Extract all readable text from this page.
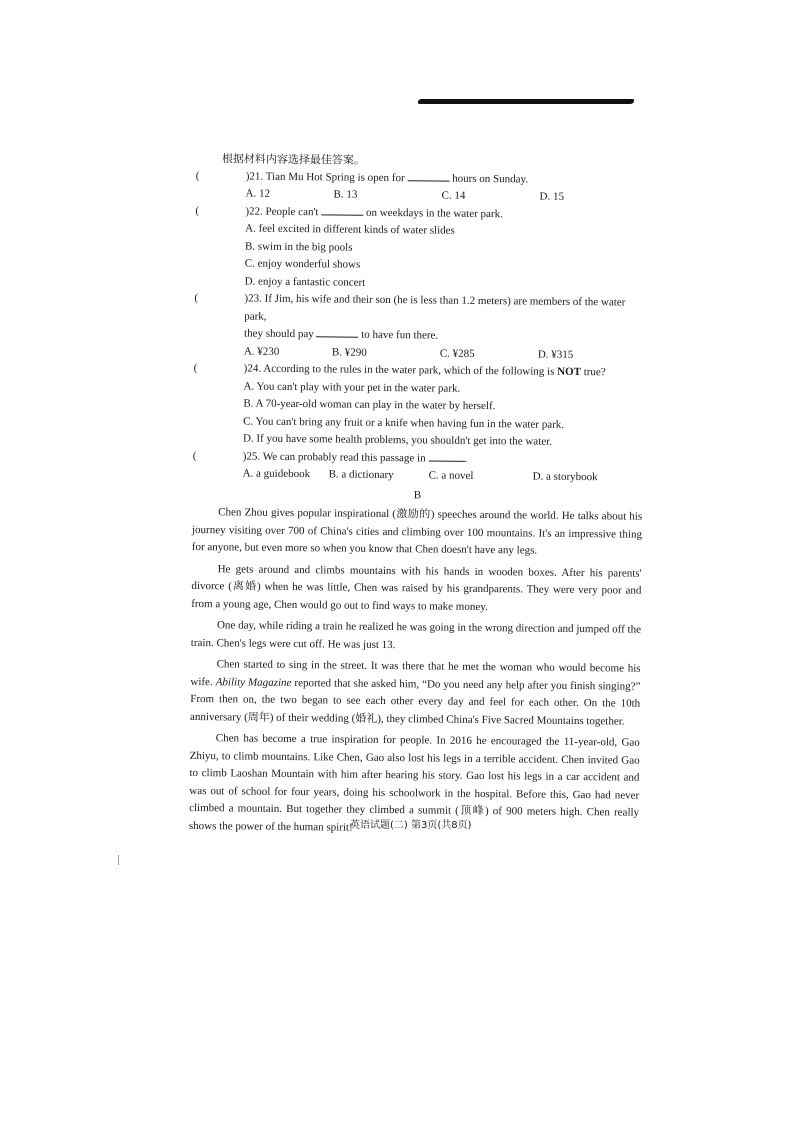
根据材料内容选择最佳答案。
(	)21. Tian Mu Hot Spring is open for	hours on Sunday.
A. 12	B. 13	C. 14	D. 15
(	)22. People can't	on weekdays in the water park.
A. feel excited in different kinds of water slides
B. swim in the big pools
C. enjoy wonderful shows
D. enjoy a fantastic concert
(	)23. If Jim, his wife and their son (he is less than 1.2 meters) are members of the water park,
they should pay	to have fun there.
A. ¥230	B. ¥290	C. ¥285	D. ¥315
(	)24. According to the rules in the water park, which of the following is NOT true?
A. You can't play with your pet in the water park.
B. A 70-year-old woman can play in the water by herself.
C. You can't bring any fruit or a knife when having fun in the water park.
D. If you have some health problems, you shouldn't get into the water.
(	)25. We can probably read this passage in	.
A. a guidebook	B. a dictionary	C. a novel	D. a storybook
B

Chen Zhou gives popular inspirational (激励的) speeches around the world. He talks about his journey visiting over 700 of China's cities and climbing over 100 mountains. It's an impressive thing for anyone, but even more so when you know that Chen doesn't have any legs.

He gets around and climbs mountains with his hands in wooden boxes. After his parents' divorce (离婚) when he was little, Chen was raised by his grandparents. They were very poor and from a young age, Chen would go out to find ways to make money.

One day, while riding a train he realized he was going in the wrong direction and jumped off the train. Chen's legs were cut off. He was just 13.

Chen started to sing in the street. It was there that he met the woman who would become his wife. Ability Magazine reported that she asked him, “Do you need any help after you finish singing?” From then on, the two began to see each other every day and feel for each other. On the 10th anniversary (周年) of their wedding (婚礼), they climbed China's Five Sacred Mountains together.

Chen has become a true inspiration for people. In 2016 he encouraged the 11-year-old, Gao Zhiyu, to climb mountains. Like Chen, Gao also lost his legs in a terrible accident. Chen invited Gao to climb Laoshan Mountain with him after hearing his story. Gao lost his legs in a car accident and was out of school for four years, doing his schoolwork in the hospital. Before this, Gao had never climbed a mountain. But together they climbed a summit (顶峰) of 900 meters high. Chen really shows the power of the human spirit!

英语试题(二) 第3页(共8页)
